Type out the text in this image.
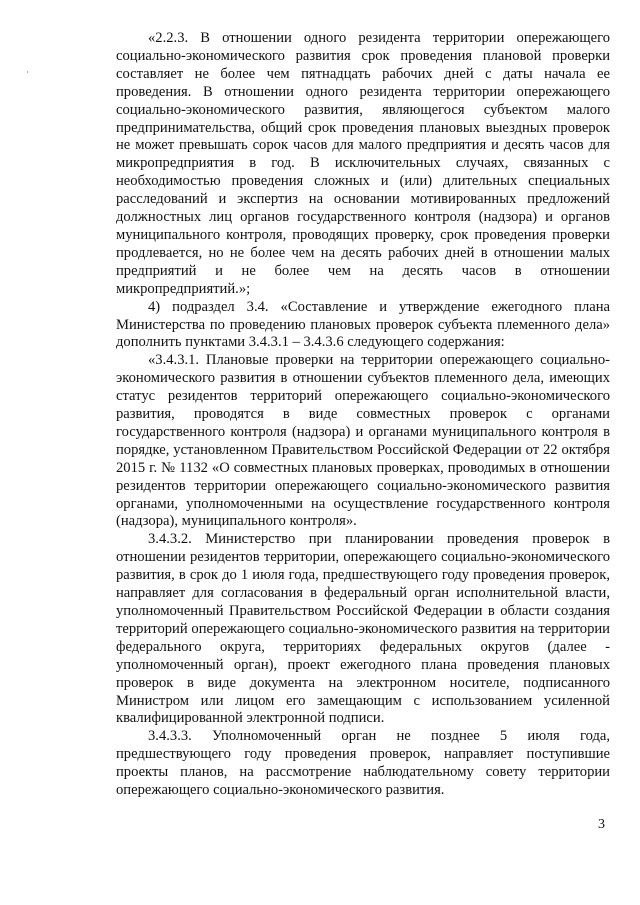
«2.2.3. В отношении одного резидента территории опережающего социально-экономического развития срок проведения плановой проверки составляет не более чем пятнадцать рабочих дней с даты начала ее проведения. В отношении одного резидента территории опережающего социально-экономического развития, являющегося субъектом малого предпринимательства, общий срок проведения плановых выездных проверок не может превышать сорок часов для малого предприятия и десять часов для микропредприятия в год. В исключительных случаях, связанных с необходимостью проведения сложных и (или) длительных специальных расследований и экспертиз на основании мотивированных предложений должностных лиц органов государственного контроля (надзора) и органов муниципального контроля, проводящих проверку, срок проведения проверки продлевается, но не более чем на десять рабочих дней в отношении малых предприятий и не более чем на десять часов в отношении микропредприятий.»;

4) подраздел 3.4. «Составление и утверждение ежегодного плана Министерства по проведению плановых проверок субъекта племенного дела» дополнить пунктами 3.4.3.1 – 3.4.3.6 следующего содержания:

«3.4.3.1. Плановые проверки на территории опережающего социально-экономического развития в отношении субъектов племенного дела, имеющих статус резидентов территорий опережающего социально-экономического развития, проводятся в виде совместных проверок с органами государственного контроля (надзора) и органами муниципального контроля в порядке, установленном Правительством Российской Федерации от 22 октября 2015 г. № 1132 «О совместных плановых проверках, проводимых в отношении резидентов территории опережающего социально-экономического развития органами, уполномоченными на осуществление государственного контроля (надзора), муниципального контроля».

3.4.3.2. Министерство при планировании проведения проверок в отношении резидентов территории, опережающего социально-экономического развития, в срок до 1 июля года, предшествующего году проведения проверок, направляет для согласования в федеральный орган исполнительной власти, уполномоченный Правительством Российской Федерации в области создания территорий опережающего социально-экономического развития на территории федерального округа, территориях федеральных округов (далее - уполномоченный орган), проект ежегодного плана проведения плановых проверок в виде документа на электронном носителе, подписанного Министром или лицом его замещающим с использованием усиленной квалифицированной электронной подписи.

3.4.3.3. Уполномоченный орган не позднее 5 июля года, предшествующего году проведения проверок, направляет поступившие проекты планов, на рассмотрение наблюдательному совету территории опережающего социально-экономического развития.

3
